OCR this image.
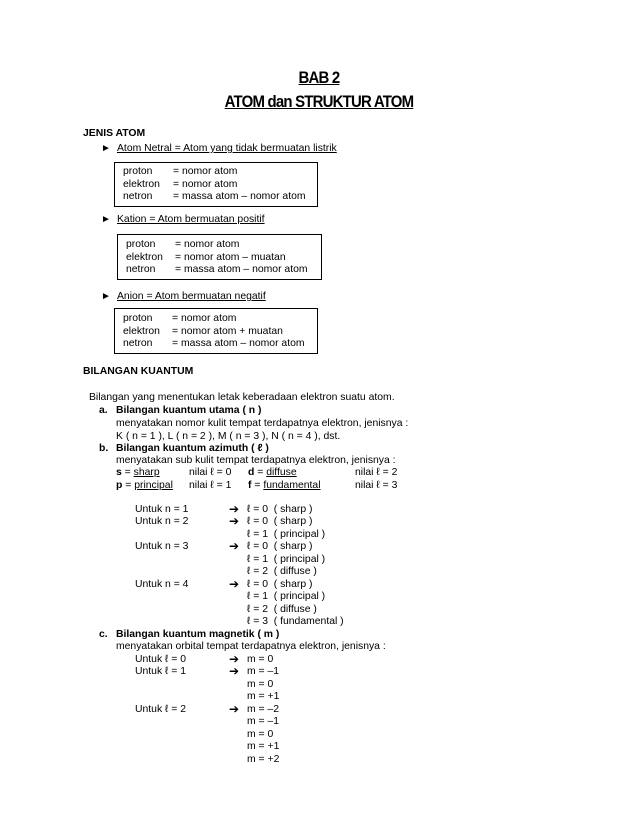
BAB 2
ATOM dan STRUKTUR ATOM
JENIS ATOM
► Atom Netral = Atom yang tidak bermuatan listrik
proton = nomor atom
elektron = nomor atom
netron = massa atom – nomor atom
► Kation = Atom bermuatan positif
proton = nomor atom
elektron = nomor atom – muatan
netron = massa atom – nomor atom
► Anion = Atom bermuatan negatif
proton = nomor atom
elektron = nomor atom + muatan
netron = massa atom – nomor atom
BILANGAN KUANTUM
Bilangan yang menentukan letak keberadaan elektron suatu atom.
a. Bilangan kuantum utama ( n )
menyatakan nomor kulit tempat terdapatnya elektron, jenisnya :
K ( n = 1 ), L ( n = 2 ), M ( n = 3 ), N ( n = 4 ), dst.
b. Bilangan kuantum azimuth ( ℓ )
menyatakan sub kulit tempat terdapatnya elektron, jenisnya :
s = sharp	nilai ℓ = 0 d = diffuse	nilai ℓ = 2
p = principal nilai ℓ = 1 f = fundamental	nilai ℓ = 3
Untuk n = 1	➔ ℓ = 0  ( sharp )
Untuk n = 2	➔ ℓ = 0  ( sharp )
ℓ = 1  ( principal )
Untuk n = 3	➔ ℓ = 0  ( sharp )
ℓ = 1  ( principal )
ℓ = 2  ( diffuse )
Untuk n = 4	➔ ℓ = 0  ( sharp )
ℓ = 1  ( principal )
ℓ = 2  ( diffuse )
ℓ = 3  ( fundamental )
c. Bilangan kuantum magnetik ( m )
menyatakan orbital tempat terdapatnya elektron, jenisnya :
Untuk ℓ = 0	➔ m = 0
Untuk ℓ = 1	➔ m = –1
m = 0
m = +1
Untuk ℓ = 2	➔ m = –2
m = –1
m = 0
m = +1
m = +2
